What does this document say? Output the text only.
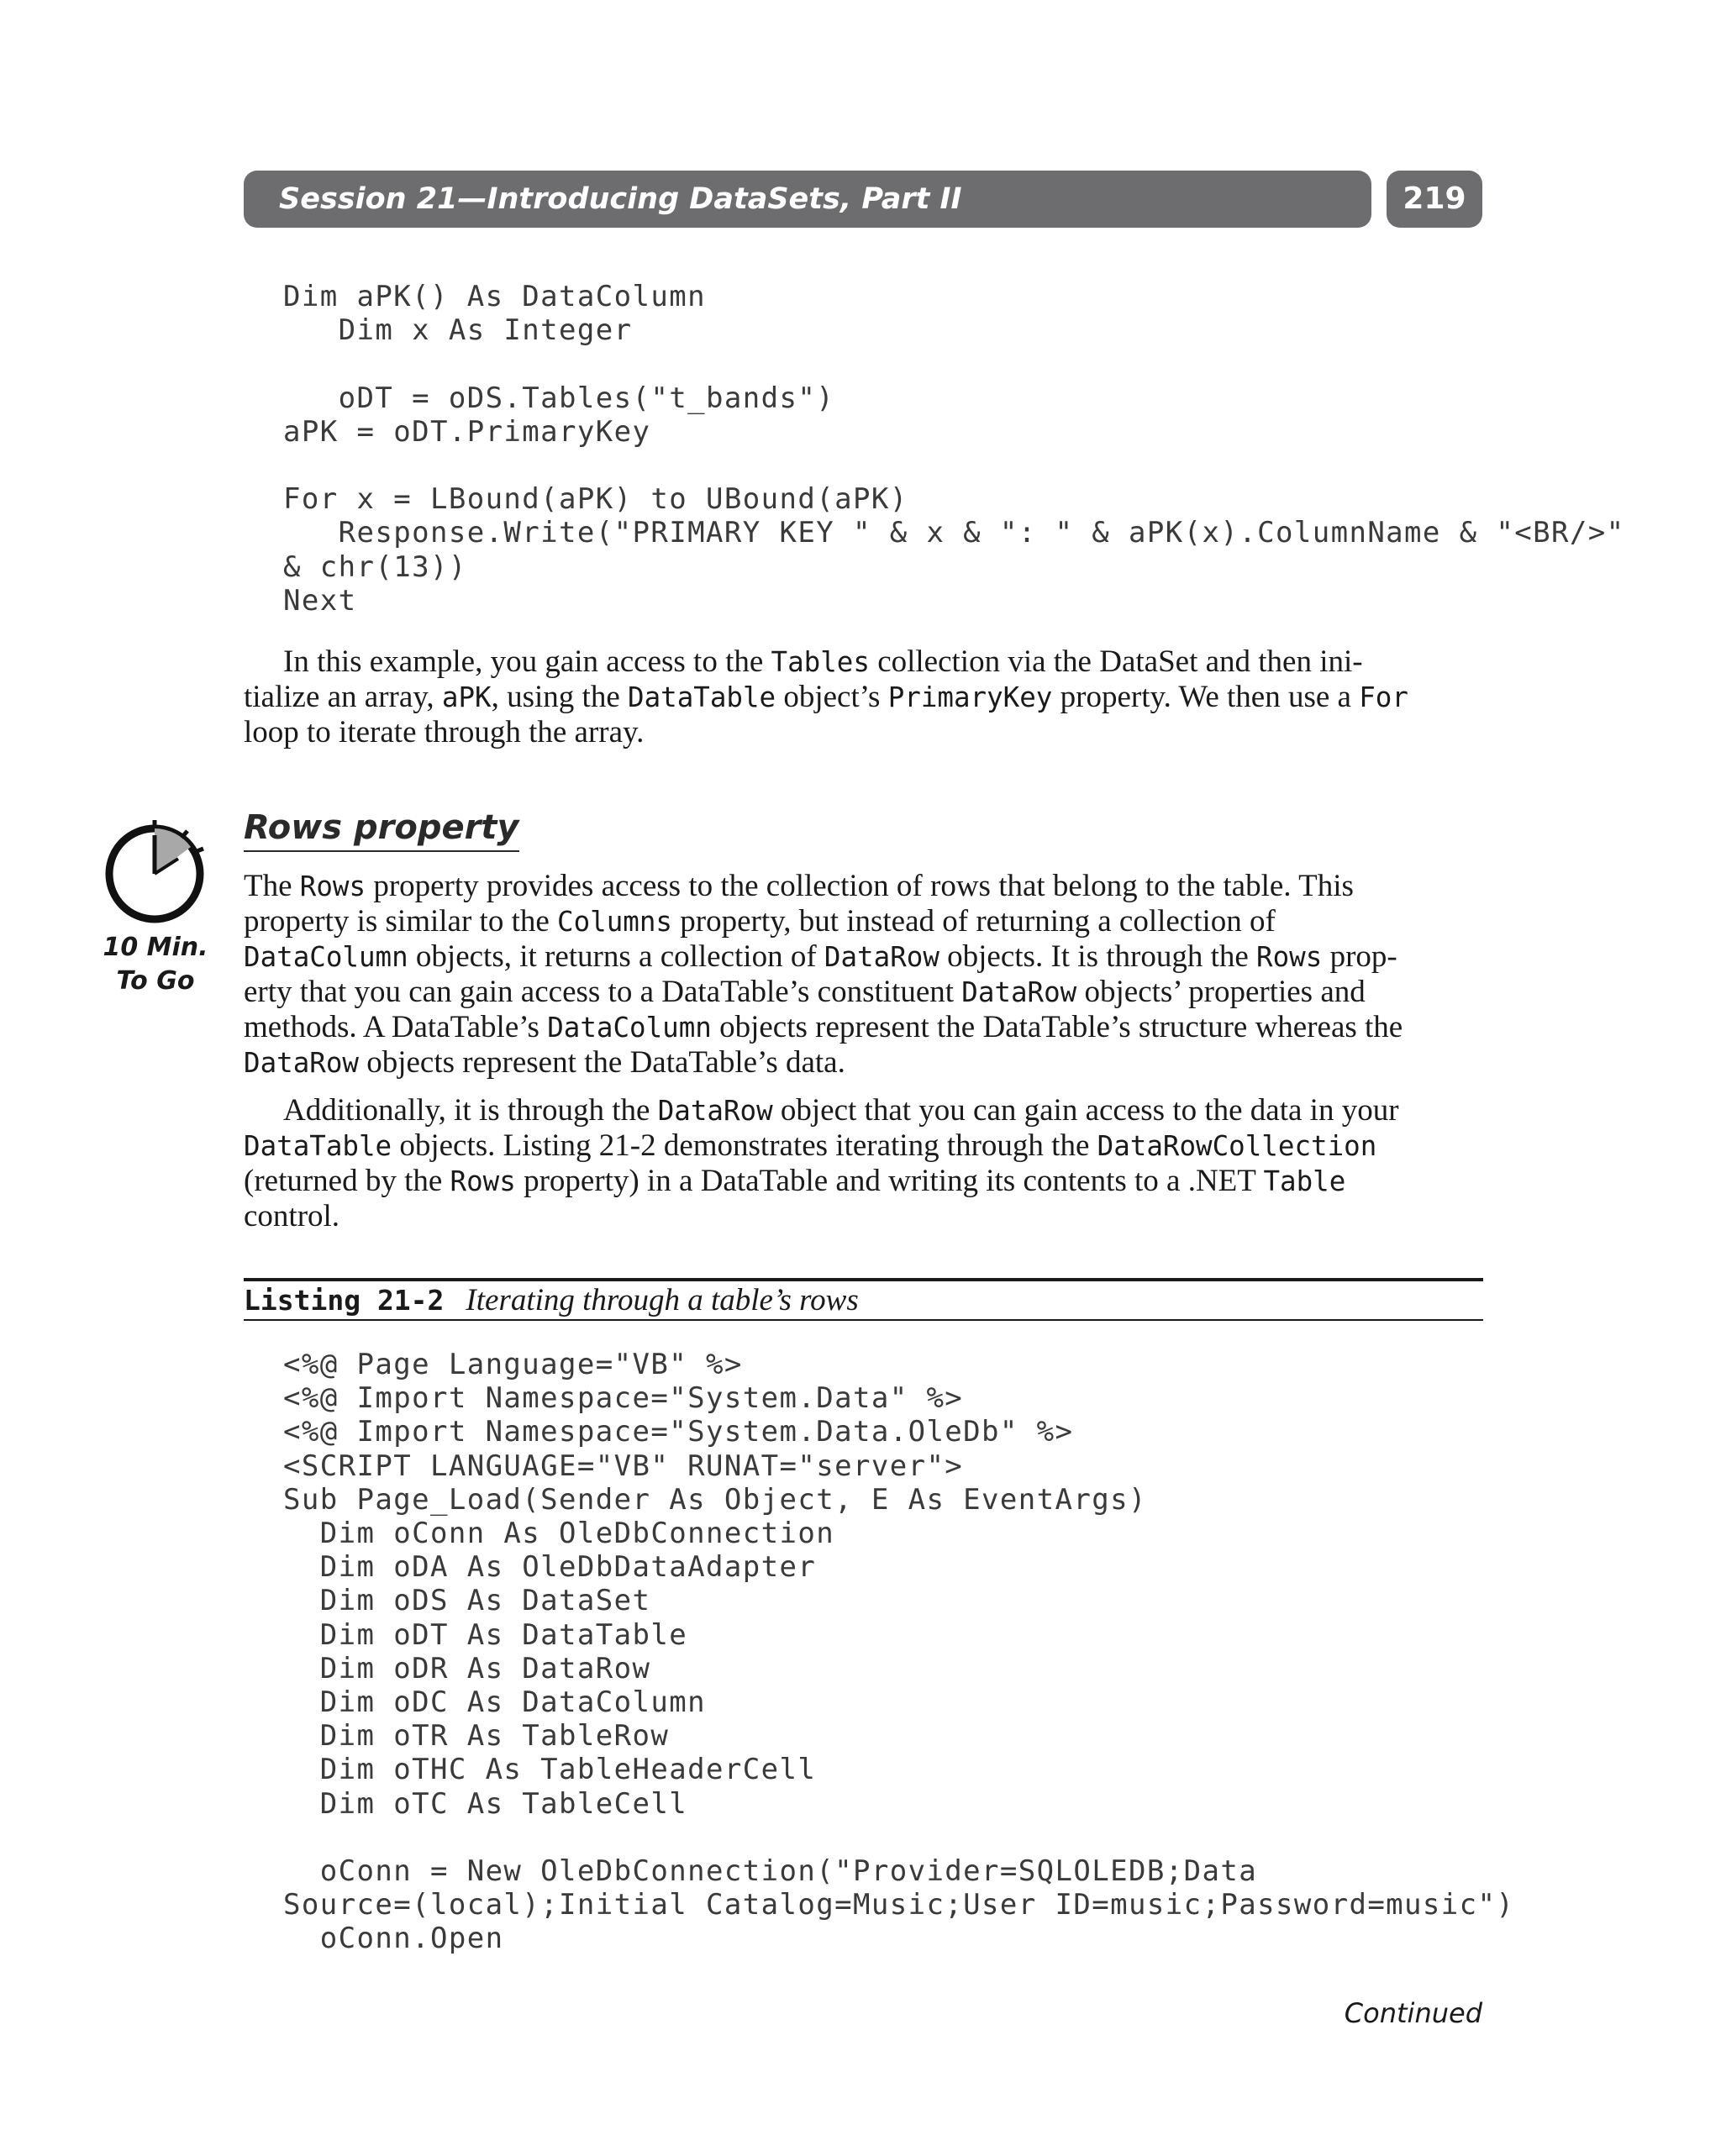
Session 21—Introducing DataSets, Part II	219
Dim aPK() As DataColumn
Dim x As Integer

oDT = oDS.Tables("t_bands")
aPK = oDT.PrimaryKey

For x = LBound(aPK) to UBound(aPK)
Response.Write("PRIMARY KEY " & x & ": " & aPK(x).ColumnName & "<BR/>"
& chr(13))
Next
In this example, you gain access to the Tables collection via the DataSet and then ini-
tialize an array, aPK, using the DataTable object’s PrimaryKey property. We then use a For
loop to iterate through the array.

10 Min.
To Go

Rows property
The Rows property provides access to the collection of rows that belong to the table. This
property is similar to the Columns property, but instead of returning a collection of
DataColumn objects, it returns a collection of DataRow objects. It is through the Rows prop-
erty that you can gain access to a DataTable’s constituent DataRow objects’ properties and
methods. A DataTable’s DataColumn objects represent the DataTable’s structure whereas the
DataRow objects represent the DataTable’s data.
Additionally, it is through the DataRow object that you can gain access to the data in your
DataTable objects. Listing 21-2 demonstrates iterating through the DataRowCollection
(returned by the Rows property) in a DataTable and writing its contents to a .NET Table
control.
Listing 21-2 Iterating through a table’s rows
<%@ Page Language="VB" %>
<%@ Import Namespace="System.Data" %>
<%@ Import Namespace="System.Data.OleDb" %>
<SCRIPT LANGUAGE="VB" RUNAT="server">
Sub Page_Load(Sender As Object, E As EventArgs)
Dim oConn As OleDbConnection
Dim oDA As OleDbDataAdapter
Dim oDS As DataSet
Dim oDT As DataTable
Dim oDR As DataRow
Dim oDC As DataColumn
Dim oTR As TableRow
Dim oTHC As TableHeaderCell
Dim oTC As TableCell

oConn = New OleDbConnection("Provider=SQLOLEDB;Data
Source=(local);Initial Catalog=Music;User ID=music;Password=music")
oConn.Open
Continued
